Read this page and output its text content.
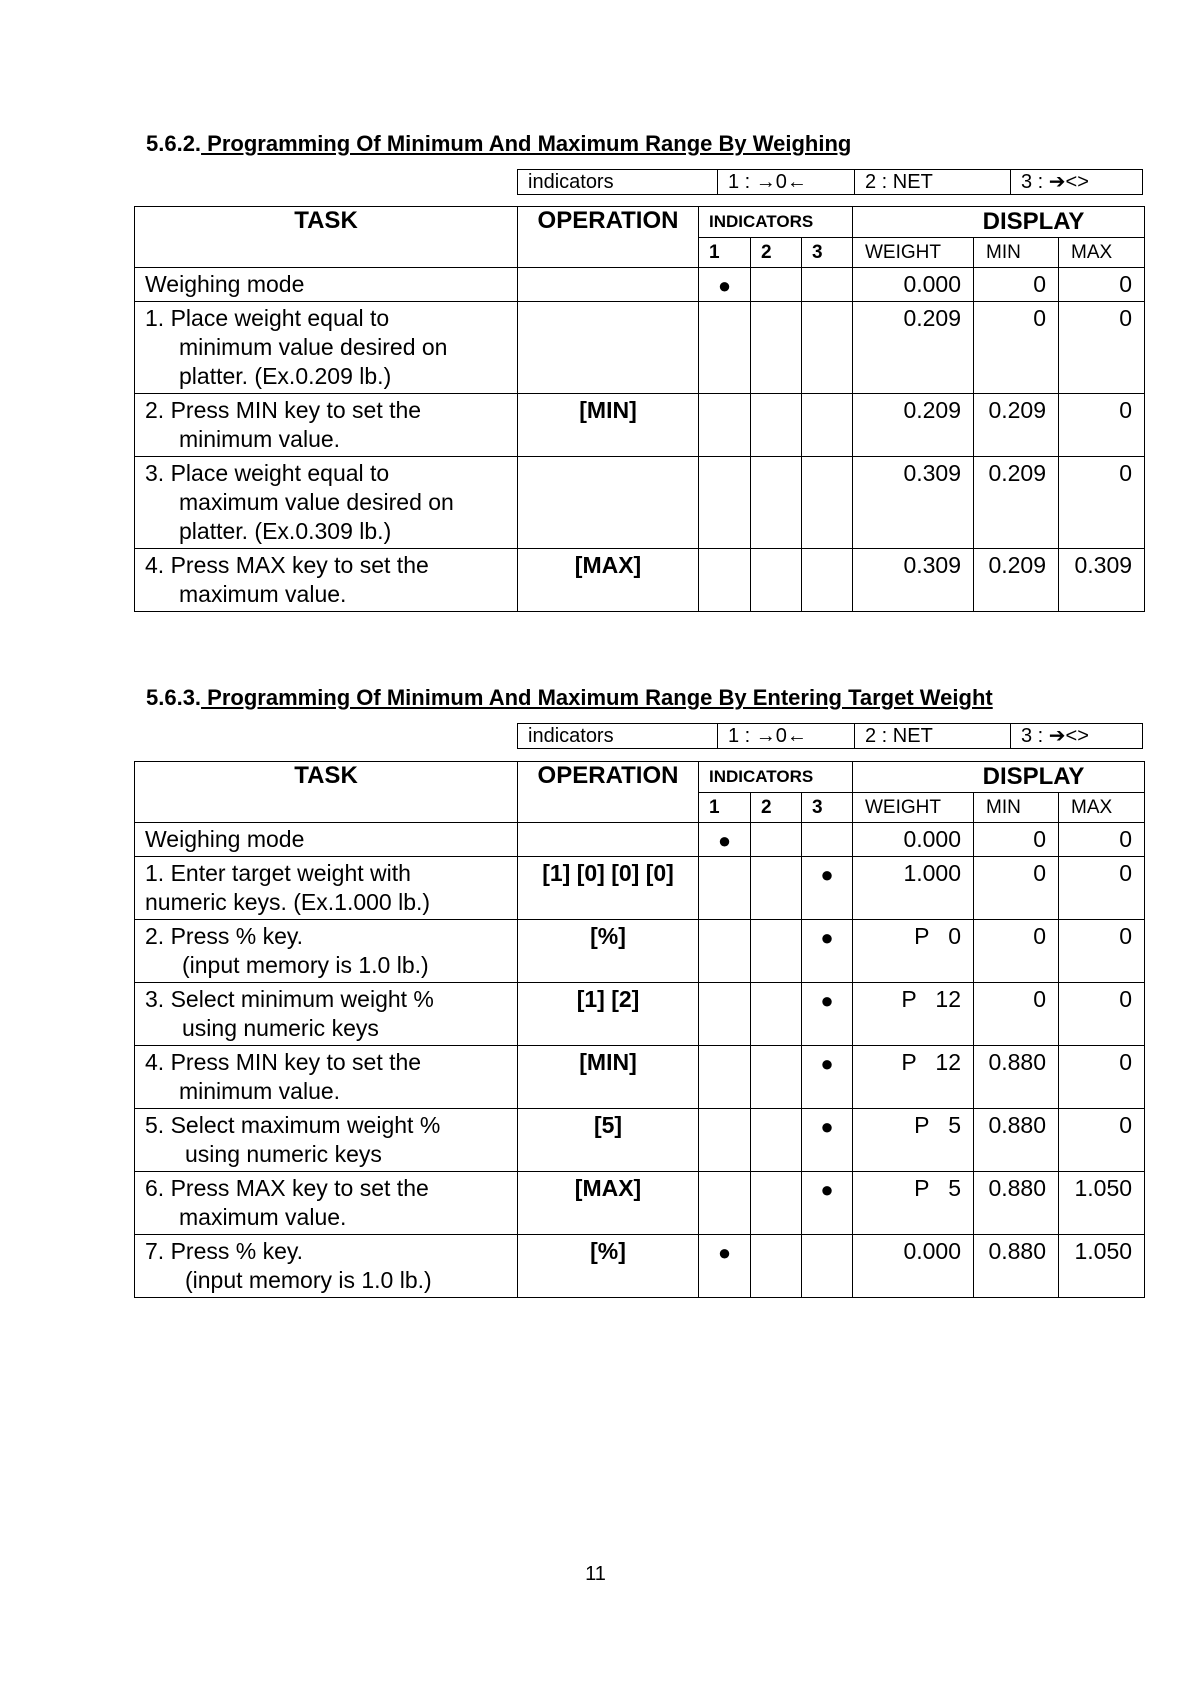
5.6.2. Programming Of Minimum And Maximum Range By Weighing
indicators	1 : →0←	2 : NET	3 : ➔<>
TASK	OPERATION	INDICATORS			DISPLAY		
		1	2	3	WEIGHT	MIN	MAX

Weighing mode		●			0.000	0	0

1. Place weight equal to
minimum value desired on
platter. (Ex.0.209 lb.)					0.209	0	0

2. Press MIN key to set the
minimum value.	[MIN]				0.209	0.209	0

3. Place weight equal to
maximum value desired on
platter. (Ex.0.309 lb.)					0.309	0.209	0

4. Press MAX key to set the
maximum value.	[MAX]				0.309	0.209	0.309
5.6.3. Programming Of Minimum And Maximum Range By Entering Target Weight
indicators	1 : →0←	2 : NET	3 : ➔<>
TASK	OPERATION	INDICATORS			DISPLAY		
		1	2	3	WEIGHT	MIN	MAX

Weighing mode		●			0.000	0	0

1. Enter target weight with
numeric keys. (Ex.1.000 lb.)	[1] [0] [0] [0]			●	1.000	0	0

2. Press % key.
(input memory is 1.0 lb.)	[%]			●	P   0	0	0

3. Select minimum weight %
using numeric keys	[1] [2]			●	P   12	0	0

4. Press MIN key to set the
minimum value.	[MIN]			●	P   12	0.880	0

5. Select maximum weight %
using numeric keys	[5]			●	P   5	0.880	0

6. Press MAX key to set the
maximum value.	[MAX]			●	P   5	0.880	1.050

7. Press % key.
(input memory is 1.0 lb.)	[%]	●			0.000	0.880	1.050
11
